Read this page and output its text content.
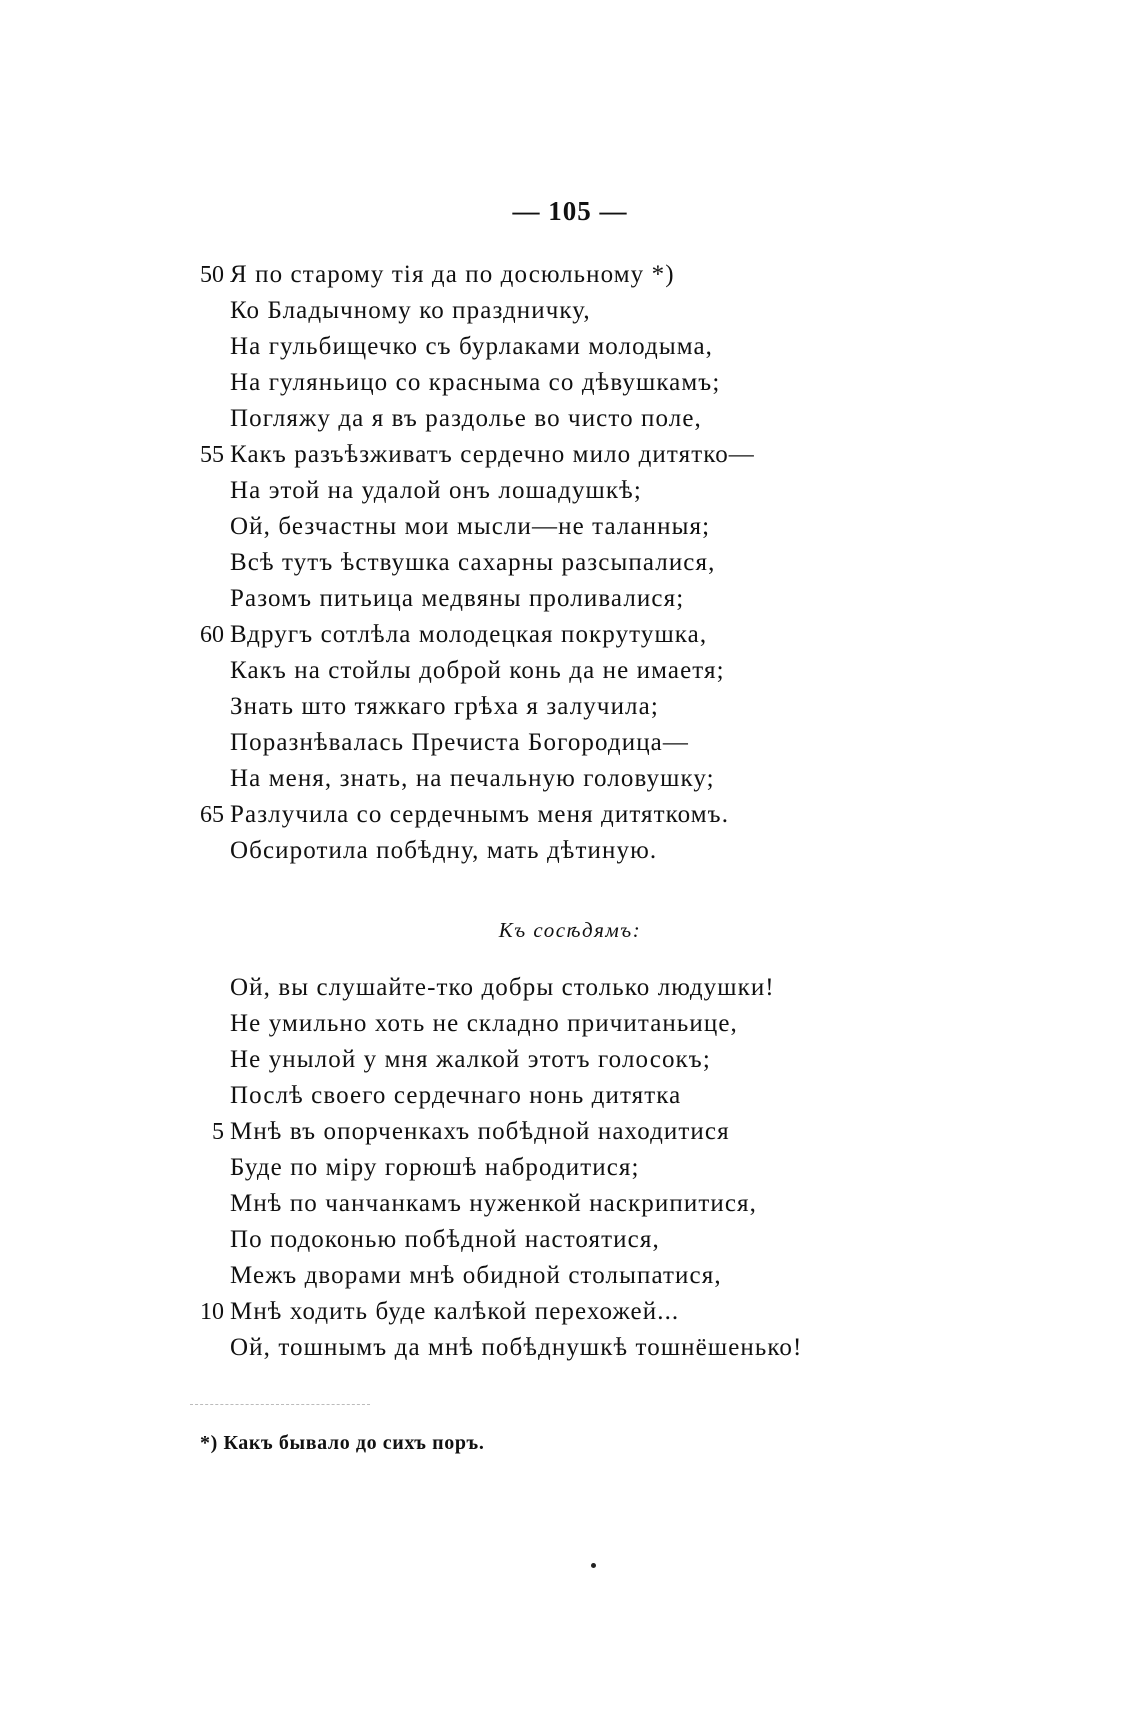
— 105 —
50 Я по старому тія да по досюльному *)
Ко Бладычному ко праздничку,
На гульбищечко съ бурлаками молодыма,
На гуляньицо со красныма со дѣвушкамъ;
Погляжу да я въ раздолье во чисто поле,
55 Какъ разъѣзживатъ сердечно мило дитятко—
На этой на удалой онъ лошадушкѣ;
Ой, безчастны мои мысли—не таланныя;
Всѣ тутъ ѣствушка сахарны разсыпалися,
Разомъ питьица медвяны проливалися;
60 Вдругъ сотлѣла молодецкая покрутушка,
Какъ на стойлы доброй конь да не имаетя;
Знать што тяжкаго грѣха я залучила;
Поразнѣвалась Пречиста Богородица—
На меня, знать, на печальную головушку;
65 Разлучила со сердечнымъ меня дитяткомъ.
Обсиротила побѣдну, мать дѣтиную.
Къ сосѣдямъ:
Ой, вы слушайте-тко добры столько людушки!
Не умильно хоть не складно причитаньице,
Не унылой у мня жалкой этотъ голосокъ;
Послѣ своего сердечнаго нонь дитятка
5 Мнѣ въ опорченкахъ побѣдной находитися
Буде по міру горюшѣ набродитися;
Мнѣ по чанчанкамъ нуженкой наскрипитися,
По подоконью побѣдной настоятися,
Межъ дворами мнѣ обидной столыпатися,
10 Мнѣ ходить буде калѣкой перехожей...
Ой, тошнымъ да мнѣ побѣднушкѣ тошнёшенько!
*) Какъ бывало до сихъ поръ.
